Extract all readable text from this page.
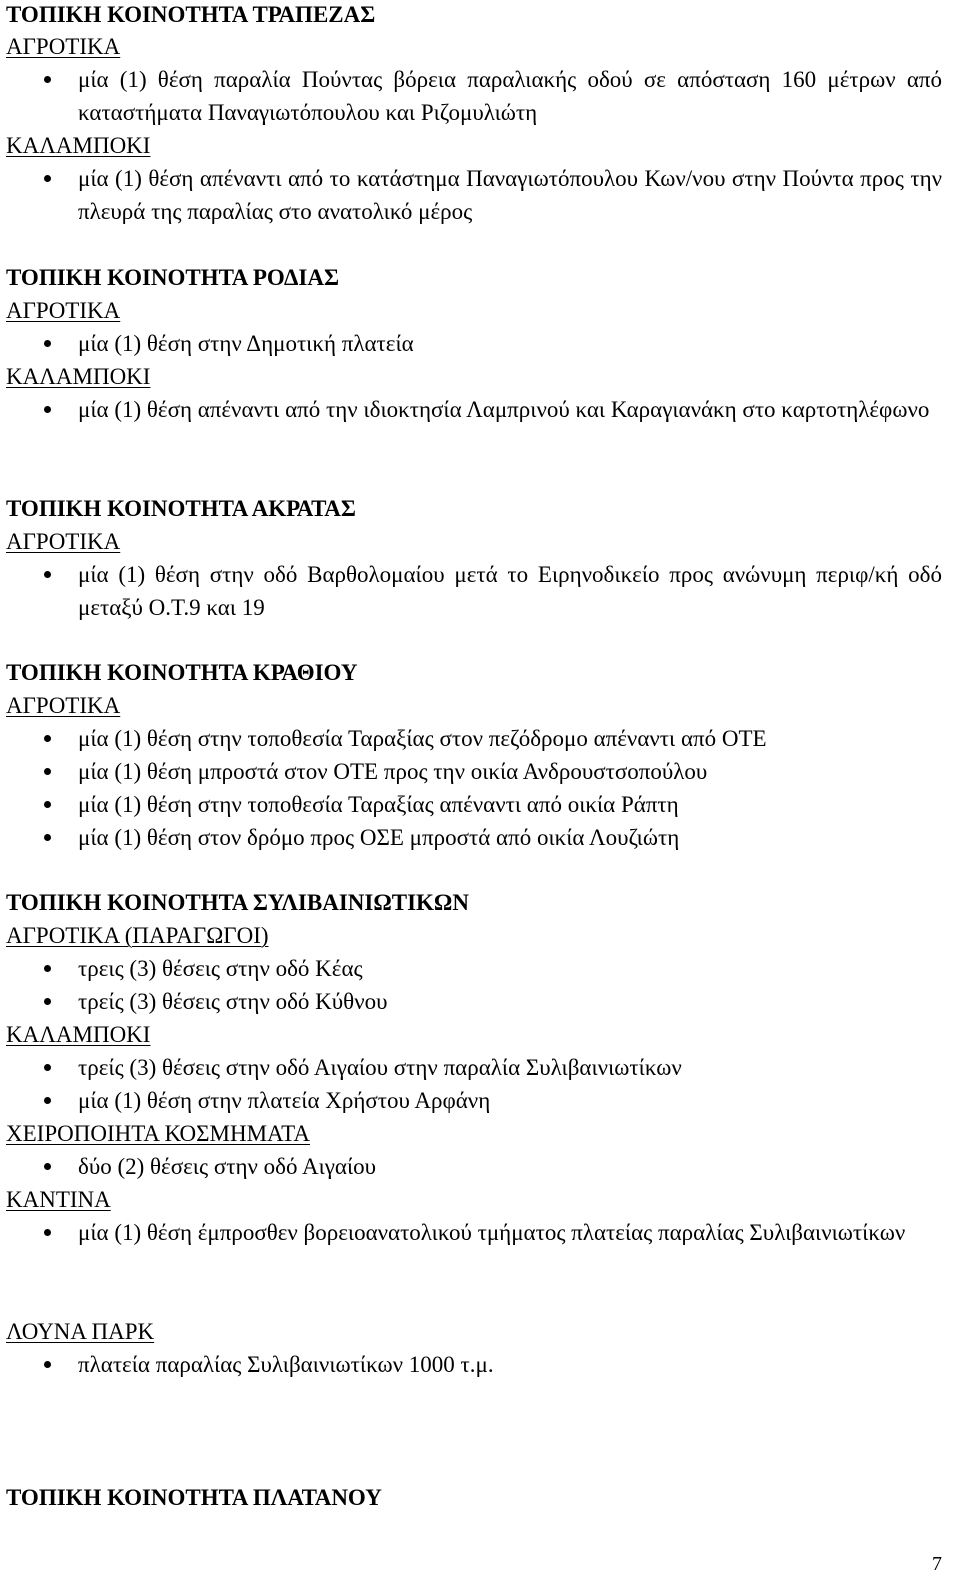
ΤΟΠΙΚΗ ΚΟΙΝΟΤΗΤΑ ΤΡΑΠΕΖΑΣ
ΑΓΡΟΤΙΚΑ
μία (1) θέση παραλία Πούντας βόρεια παραλιακής οδού σε απόσταση 160 μέτρων από καταστήματα Παναγιωτόπουλου και Ριζομυλιώτη
ΚΑΛΑΜΠΟΚΙ
μία (1) θέση απέναντι από το κατάστημα Παναγιωτόπουλου Κων/νου στην Πούντα προς την πλευρά της παραλίας στο ανατολικό μέρος
ΤΟΠΙΚΗ ΚΟΙΝΟΤΗΤΑ ΡΟΔΙΑΣ
ΑΓΡΟΤΙΚΑ
μία (1) θέση στην Δημοτική πλατεία
ΚΑΛΑΜΠΟΚΙ
μία (1) θέση απέναντι από την ιδιοκτησία Λαμπρινού και Καραγιανάκη στο καρτοτηλέφωνο
ΤΟΠΙΚΗ ΚΟΙΝΟΤΗΤΑ ΑΚΡΑΤΑΣ
ΑΓΡΟΤΙΚΑ
μία (1) θέση στην οδό Βαρθολομαίου μετά το Ειρηνοδικείο προς ανώνυμη περιφ/κή οδό μεταξύ Ο.Τ.9 και 19
ΤΟΠΙΚΗ ΚΟΙΝΟΤΗΤΑ ΚΡΑΘΙΟΥ
ΑΓΡΟΤΙΚΑ
μία (1) θέση στην τοποθεσία Ταραξίας στον πεζόδρομο απέναντι από ΟΤΕ
μία (1) θέση μπροστά στον ΟΤΕ προς την οικία Ανδρουστσοπούλου
μία (1) θέση στην τοποθεσία Ταραξίας απέναντι από οικία Ράπτη
μία (1) θέση στον δρόμο προς ΟΣΕ μπροστά από οικία Λουζιώτη
ΤΟΠΙΚΗ ΚΟΙΝΟΤΗΤΑ ΣΥΛΙΒΑΙΝΙΩΤΙΚΩΝ
ΑΓΡΟΤΙΚΑ (ΠΑΡΑΓΩΓΟΙ)
τρεις (3) θέσεις στην οδό Κέας
τρείς (3) θέσεις στην οδό Κύθνου
ΚΑΛΑΜΠΟΚΙ
τρείς (3) θέσεις στην οδό Αιγαίου στην παραλία Συλιβαινιωτίκων
μία (1) θέση στην πλατεία Χρήστου Αρφάνη
ΧΕΙΡΟΠΟΙΗΤΑ ΚΟΣΜΗΜΑΤΑ
δύο (2) θέσεις στην οδό Αιγαίου
ΚΑΝΤΙΝΑ
μία (1) θέση έμπροσθεν βορειοανατολικού τμήματος πλατείας παραλίας Συλιβαινιωτίκων
ΛΟΥΝΑ ΠΑΡΚ
πλατεία παραλίας Συλιβαινιωτίκων 1000 τ.μ.
ΤΟΠΙΚΗ ΚΟΙΝΟΤΗΤΑ ΠΛΑΤΑΝΟΥ
7
